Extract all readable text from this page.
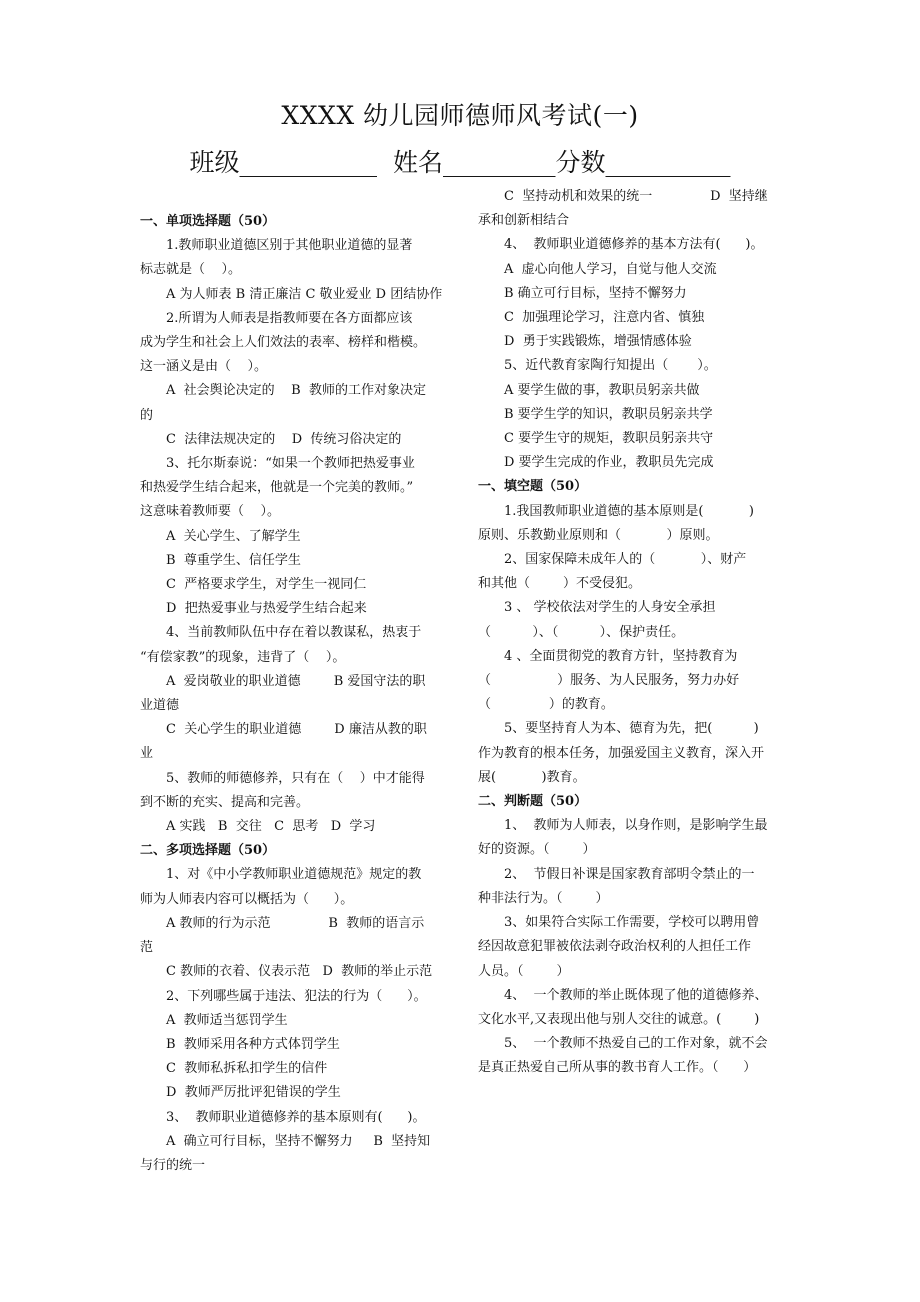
XXXX 幼儿园师德师风考试(一)
班级___________  姓名_________分数__________

一、单项选择题（50）

1.教师职业道德区别于其他职业道德的显著

标志就是（    ）。

A 为人师表 B 清正廉洁 C 敬业爱业 D 团结协作

2.所谓为人师表是指教师要在各方面都应该

成为学生和社会上人们效法的表率、榜样和楷模。

这一涵义是由（    ）。

A  社会舆论决定的    B  教师的工作对象决定

的

C  法律法规决定的    D  传统习俗决定的

3、托尔斯泰说：“如果一个教师把热爱事业

和热爱学生结合起来，他就是一个完美的教师。”

这意味着教师要（    ）。

A  关心学生、了解学生

B  尊重学生、信任学生

C  严格要求学生，对学生一视同仁

D  把热爱事业与热爱学生结合起来

4、当前教师队伍中存在着以教谋私，热衷于

“有偿家教”的现象，违背了（    ）。

A  爱岗敬业的职业道德        B 爱国守法的职

业道德

C  关心学生的职业道德        D 廉洁从教的职

业

5、教师的师德修养，只有在（    ）中才能得

到不断的充实、提高和完善。

A 实践   B  交往   C  思考   D  学习

二、多项选择题（50）

1、对《中小学教师职业道德规范》规定的教

师为人师表内容可以概括为（      ）。

A 教师的行为示范              B  教师的语言示

范

C 教师的衣着、仪表示范   D  教师的举止示范

2、下列哪些属于违法、犯法的行为（      ）。

A  教师适当惩罚学生

B  教师采用各种方式体罚学生

C  教师私拆私扣学生的信件

D  教师严厉批评犯错误的学生

3、  教师职业道德修养的基本原则有(      )。

A  确立可行目标，坚持不懈努力     B  坚持知

与行的统一

C  坚持动机和效果的统一              D  坚持继

承和创新相结合

4、  教师职业道德修养的基本方法有(      )。

A  虚心向他人学习，自觉与他人交流

B 确立可行目标，坚持不懈努力

C  加强理论学习，注意内省、慎独

D  勇于实践锻炼，增强情感体验

5、近代教育家陶行知提出（       ）。

A 要学生做的事，教职员躬亲共做

B 要学生学的知识，教职员躬亲共学

C 要学生守的规矩，教职员躬亲共守

D 要学生完成的作业，教职员先完成

一、填空题（50）

1.我国教师职业道德的基本原则是(           )

原则、乐教勤业原则和（           ）原则。

2、国家保障未成年人的（           ）、财产

和其他（        ）不受侵犯。

3 、 学校依法对学生的人身安全承担

（          ）、（          ）、保护责任。

4 、全面贯彻党的教育方针，坚持教育为

（                ）服务、为人民服务，努力办好

（              ）的教育。

5、要坚持育人为本、德育为先，把(          )

作为教育的根本任务，加强爱国主义教育，深入开

展(           )教育。

二、判断题（50）

1、  教师为人师表，以身作则，是影响学生最

好的资源。（        ）

2、  节假日补课是国家教育部明令禁止的一

种非法行为。（        ）

3、如果符合实际工作需要，学校可以聘用曾

经因故意犯罪被依法剥夺政治权利的人担任工作

人员。（        ）

4、  一个教师的举止既体现了他的道德修养、

文化水平,又表现出他与别人交往的诚意。(        )

5、  一个教师不热爱自己的工作对象，就不会

是真正热爱自己所从事的教书育人工作。（      ）
